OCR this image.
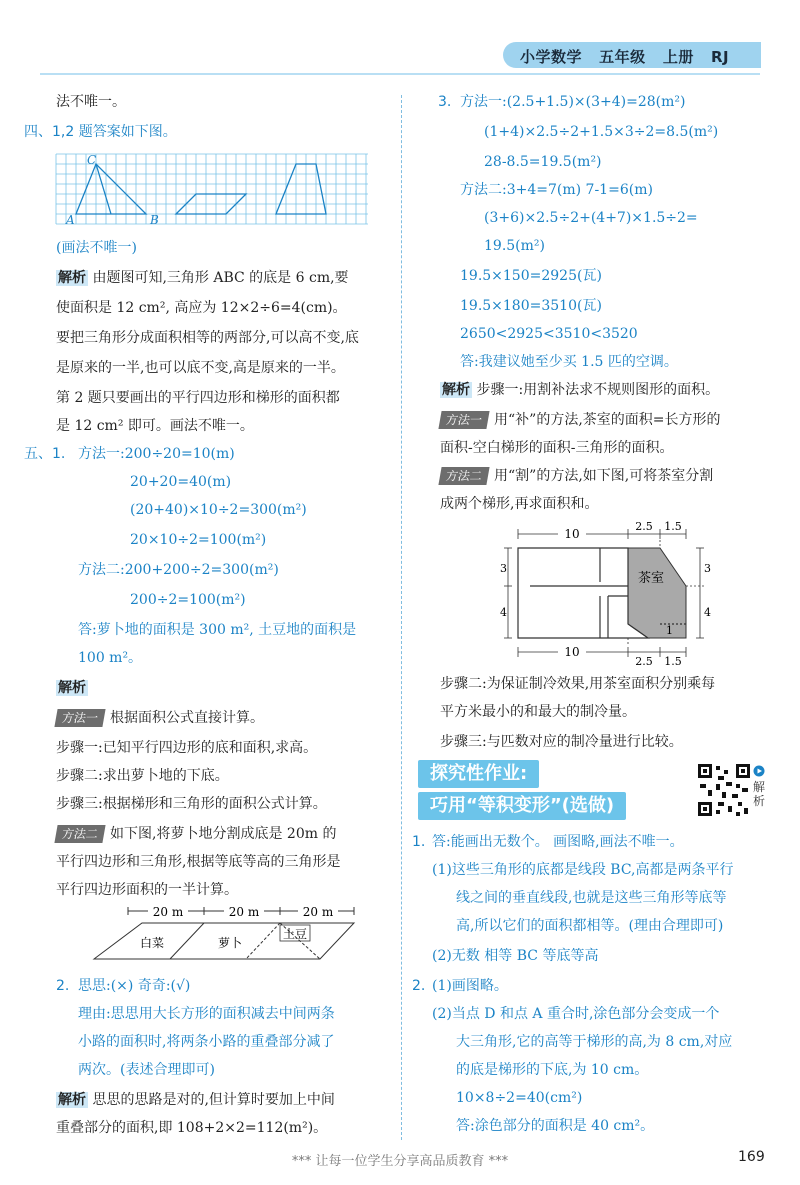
小学数学   五年级   上册   RJ
法不唯一。
四、1,2 题答案如下图。
C
A	B
(画法不唯一)
解析 由题图可知,三角形 ABC 的底是 6 cm,要
使面积是 12 cm², 高应为 12×2÷6=4(cm)。
要把三角形分成面积相等的两部分,可以高不变,底
是原来的一半,也可以底不变,高是原来的一半。
第 2 题只要画出的平行四边形和梯形的面积都
是 12 cm² 即可。画法不唯一。
五、1. 方法一:200÷20=10(m)
20+20=40(m)
(20+40)×10÷2=300(m²)
20×10÷2=100(m²)
方法二:200+200÷2=300(m²)
200÷2=100(m²)
答:萝卜地的面积是 300 m², 土豆地的面积是
100 m²。
解析
方法一 根据面积公式直接计算。
步骤一:已知平行四边形的底和面积,求高。
步骤二:求出萝卜地的下底。
步骤三:根据梯形和三角形的面积公式计算。
方法二 如下图,将萝卜地分割成底是 20m 的
平行四边形和三角形,根据等底等高的三角形是
平行四边形面积的一半计算。
20 m	20 m	20 m
白菜	萝卜
土豆
2. 思思:(×) 奇奇:(√)
理由:思思用大长方形的面积减去中间两条
小路的面积时,将两条小路的重叠部分减了
两次。(表述合理即可)
解析 思思的思路是对的,但计算时要加上中间
重叠部分的面积,即 108+2×2=112(m²)。
3. 方法一:(2.5+1.5)×(3+4)=28(m²)
(1+4)×2.5÷2+1.5×3÷2=8.5(m²)
28-8.5=19.5(m²)
方法二:3+4=7(m) 7-1=6(m)
(3+6)×2.5÷2+(4+7)×1.5÷2=
19.5(m²)
19.5×150=2925(瓦)
19.5×180=3510(瓦)
2650<2925<3510<3520
答:我建议她至少买 1.5 匹的空调。
解析 步骤一:用割补法求不规则图形的面积。
方法一 用“补”的方法,茶室的面积=长方形的
面积-空白梯形的面积-三角形的面积。
方法二 用“割”的方法,如下图,可将茶室分割
成两个梯形,再求面积和。
10
2.5 1.5
3
4
3
4
茶室
1
10
2.5 1.5
步骤二:为保证制冷效果,用茶室面积分别乘每
平方米最小的和最大的制冷量。
步骤三:与匹数对应的制冷量进行比较。
探究性作业:
巧用“等积变形”(选做)
解析
1. 答:能画出无数个。 画图略,画法不唯一。
(1)这些三角形的底都是线段 BC,高都是两条平行
线之间的垂直线段,也就是这些三角形等底等
高,所以它们的面积都相等。(理由合理即可)
(2)无数 相等 BC 等底等高
2. (1)画图略。
(2)当点 D 和点 A 重合时,涂色部分会变成一个
大三角形,它的高等于梯形的高,为 8 cm,对应
的底是梯形的下底,为 10 cm。
10×8÷2=40(cm²)
答:涂色部分的面积是 40 cm²。
*** 让每一位学生分享高品质教育 ***	169
